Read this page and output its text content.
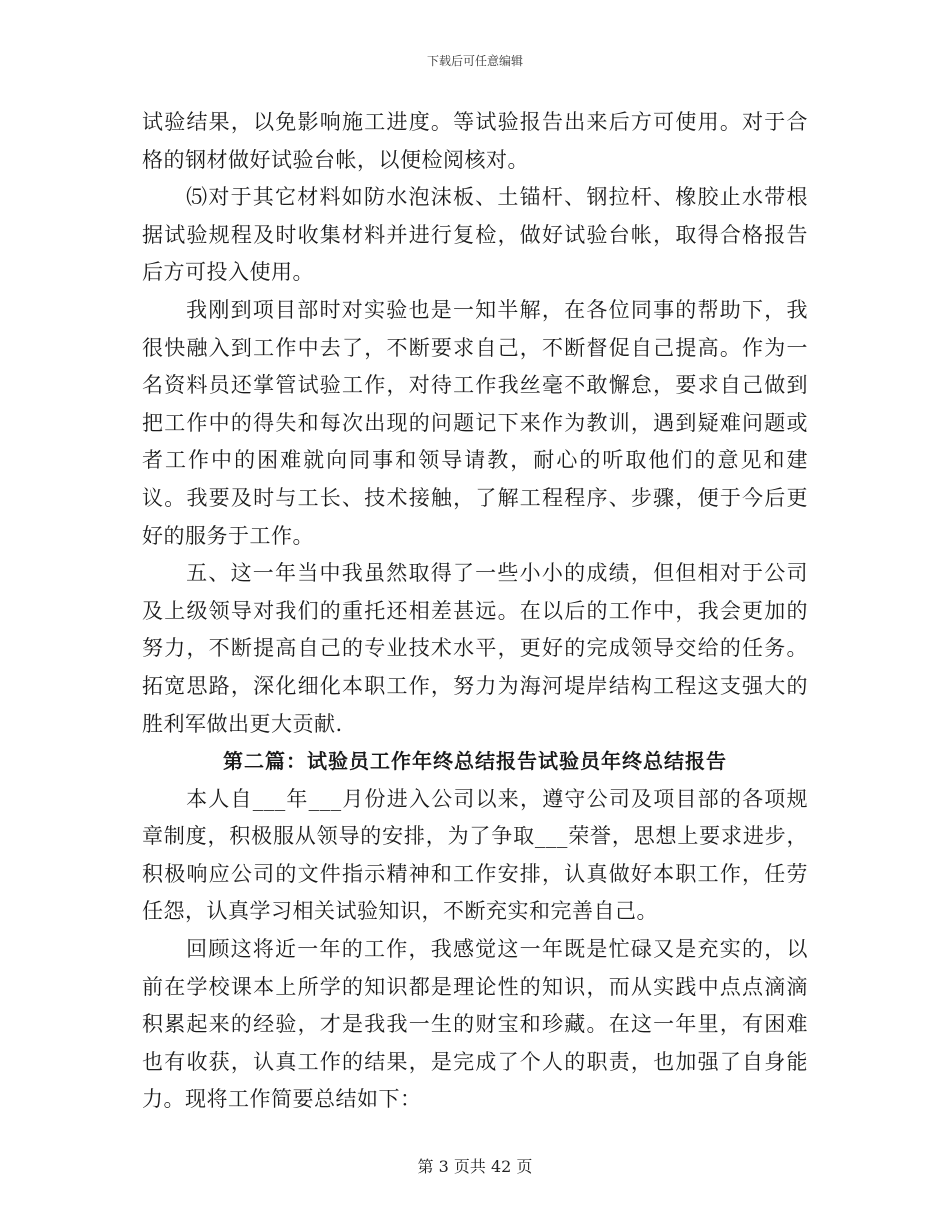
下载后可任意编辑

试验结果，以免影响施工进度。等试验报告出来后方可使用。对于合格的钢材做好试验台帐，以便检阅核对。

⑸对于其它材料如防水泡沫板、土锚杆、钢拉杆、橡胶止水带根据试验规程及时收集材料并进行复检，做好试验台帐，取得合格报告后方可投入使用。

我刚到项目部时对实验也是一知半解，在各位同事的帮助下，我很快融入到工作中去了，不断要求自己，不断督促自己提高。作为一名资料员还掌管试验工作，对待工作我丝毫不敢懈怠，要求自己做到把工作中的得失和每次出现的问题记下来作为教训，遇到疑难问题或者工作中的困难就向同事和领导请教，耐心的听取他们的意见和建议。我要及时与工长、技术接触，了解工程程序、步骤，便于今后更好的服务于工作。

五、这一年当中我虽然取得了一些小小的成绩，但但相对于公司及上级领导对我们的重托还相差甚远。在以后的工作中，我会更加的努力，不断提高自己的专业技术水平，更好的完成领导交给的任务。拓宽思路，深化细化本职工作，努力为海河堤岸结构工程这支强大的胜利军做出更大贡献.

第二篇：试验员工作年终总结报告试验员年终总结报告

本人自___年___月份进入公司以来，遵守公司及项目部的各项规章制度，积极服从领导的安排，为了争取___荣誉，思想上要求进步，积极响应公司的文件指示精神和工作安排，认真做好本职工作，任劳任怨，认真学习相关试验知识，不断充实和完善自己。

回顾这将近一年的工作，我感觉这一年既是忙碌又是充实的，以前在学校课本上所学的知识都是理论性的知识，而从实践中点点滴滴积累起来的经验，才是我我一生的财宝和珍藏。在这一年里，有困难也有收获，认真工作的结果，是完成了个人的职责，也加强了自身能力。现将工作简要总结如下：

第 3 页共 42 页
